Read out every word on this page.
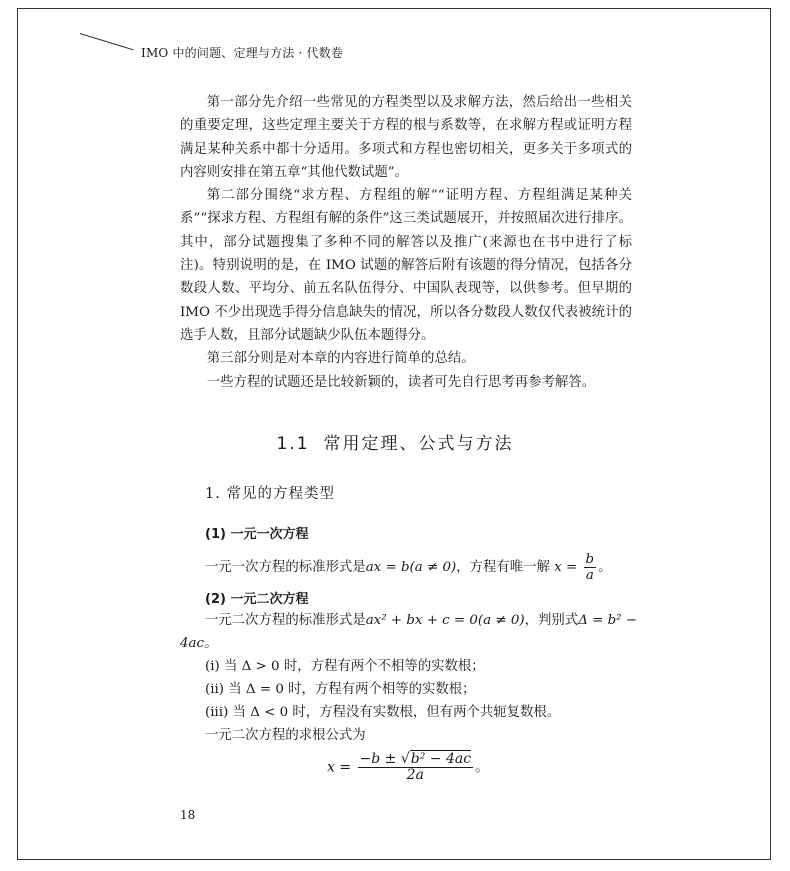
IMO 中的问题、定理与方法 · 代数卷

第一部分先介绍一些常见的方程类型以及求解方法，然后给出一些相关的重要定理，这些定理主要关于方程的根与系数等，在求解方程或证明方程满足某种关系中都十分适用。多项式和方程也密切相关，更多关于多项式的内容则安排在第五章“其他代数试题”。

第二部分围绕“求方程、方程组的解”“证明方程、方程组满足某种关系”“探求方程、方程组有解的条件”这三类试题展开，并按照届次进行排序。其中，部分试题搜集了多种不同的解答以及推广(来源也在书中进行了标注)。特别说明的是，在 IMO 试题的解答后附有该题的得分情况，包括各分数段人数、平均分、前五名队伍得分、中国队表现等，以供参考。但早期的 IMO 不少出现选手得分信息缺失的情况，所以各分数段人数仅代表被统计的选手人数，且部分试题缺少队伍本题得分。

第三部分则是对本章的内容进行简单的总结。

一些方程的试题还是比较新颖的，读者可先自行思考再参考解答。

1.1 常用定理、公式与方法
1. 常见的方程类型
(1) 一元一次方程
一元一次方程的标准形式是ax = b(a ≠ 0)，方程有唯一解 $x = \frac{b}{a}$ 。
(2) 一元二次方程
一元二次方程的标准形式是ax² + bx + c = 0(a ≠ 0)，判别式Δ = b² −
4ac。
(i) 当 Δ > 0 时，方程有两个不相等的实数根；
(ii) 当 Δ = 0 时，方程有两个相等的实数根；
(iii) 当 Δ < 0 时，方程没有实数根，但有两个共轭复数根。
一元二次方程的求根公式为
$x = \frac{\text{−b ± √b² − 4ac}}{2a}$ 。
18
